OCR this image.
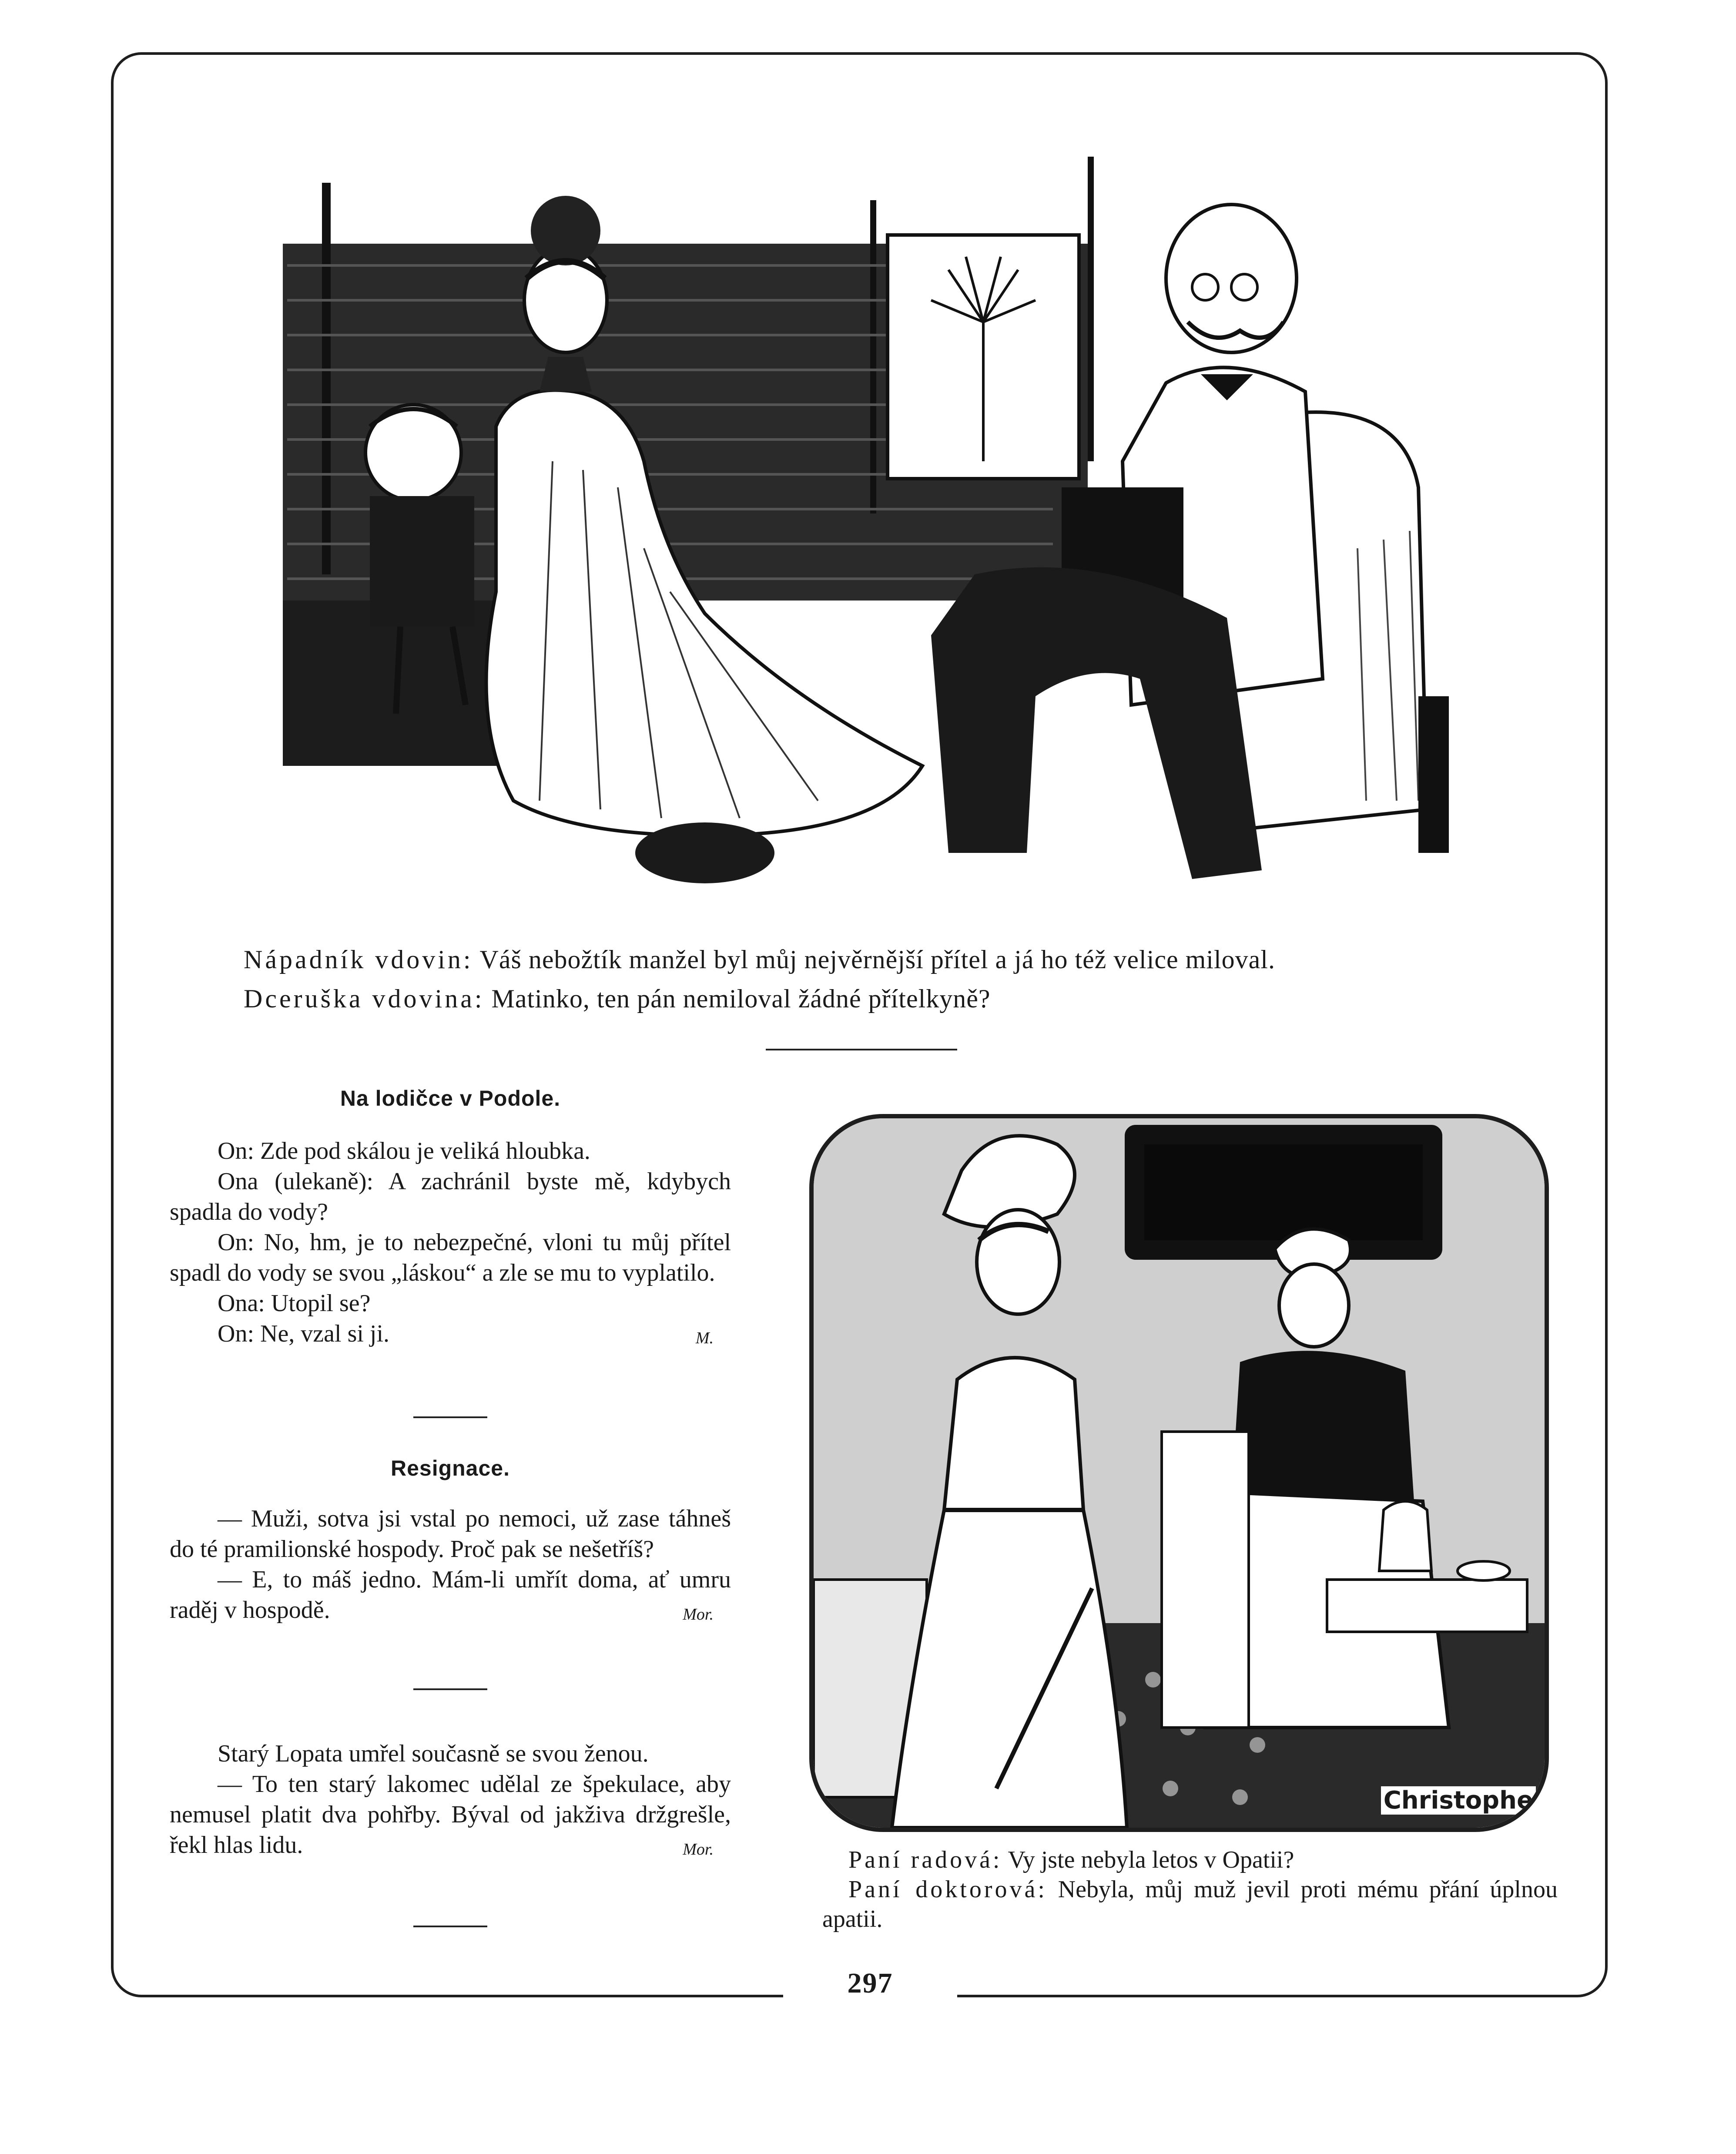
Nápadník vdovin: Váš nebožtík manžel byl můj nejvěrnější přítel a já ho též velice miloval.
Dceruška vdovina: Matinko, ten pán nemiloval žádné přítelkyně?
Na lodičce v Podole.

On: Zde pod skálou je veliká hloubka.

Ona (ulekaně): A zachránil byste mě, kdybych spadla do vody?

On: No, hm, je to nebezpečné, vloni tu můj přítel spadl do vody se svou „láskou“ a zle se mu to vyplatilo.

Ona: Utopil se?

On: Ne, vzal si ji.	M.

Resignace.

— Muži, sotva jsi vstal po nemoci, už zase táhneš do té pramilionské hospody. Proč pak se nešetříš?

— E, to máš jedno. Mám-li umřít doma, ať umru raděj v hospodě.	Mor.

Starý Lopata umřel současně se svou ženou.

— To ten starý lakomec udělal ze špekulace, aby nemusel platit dva pohřby. Býval od jakživa držgrešle, řekl hlas lidu.	Mor.

Christophe

Paní radová: Vy jste nebyla letos v Opatii?

Paní doktorová: Nebyla, můj muž jevil proti mému přání úplnou apatii.

297
